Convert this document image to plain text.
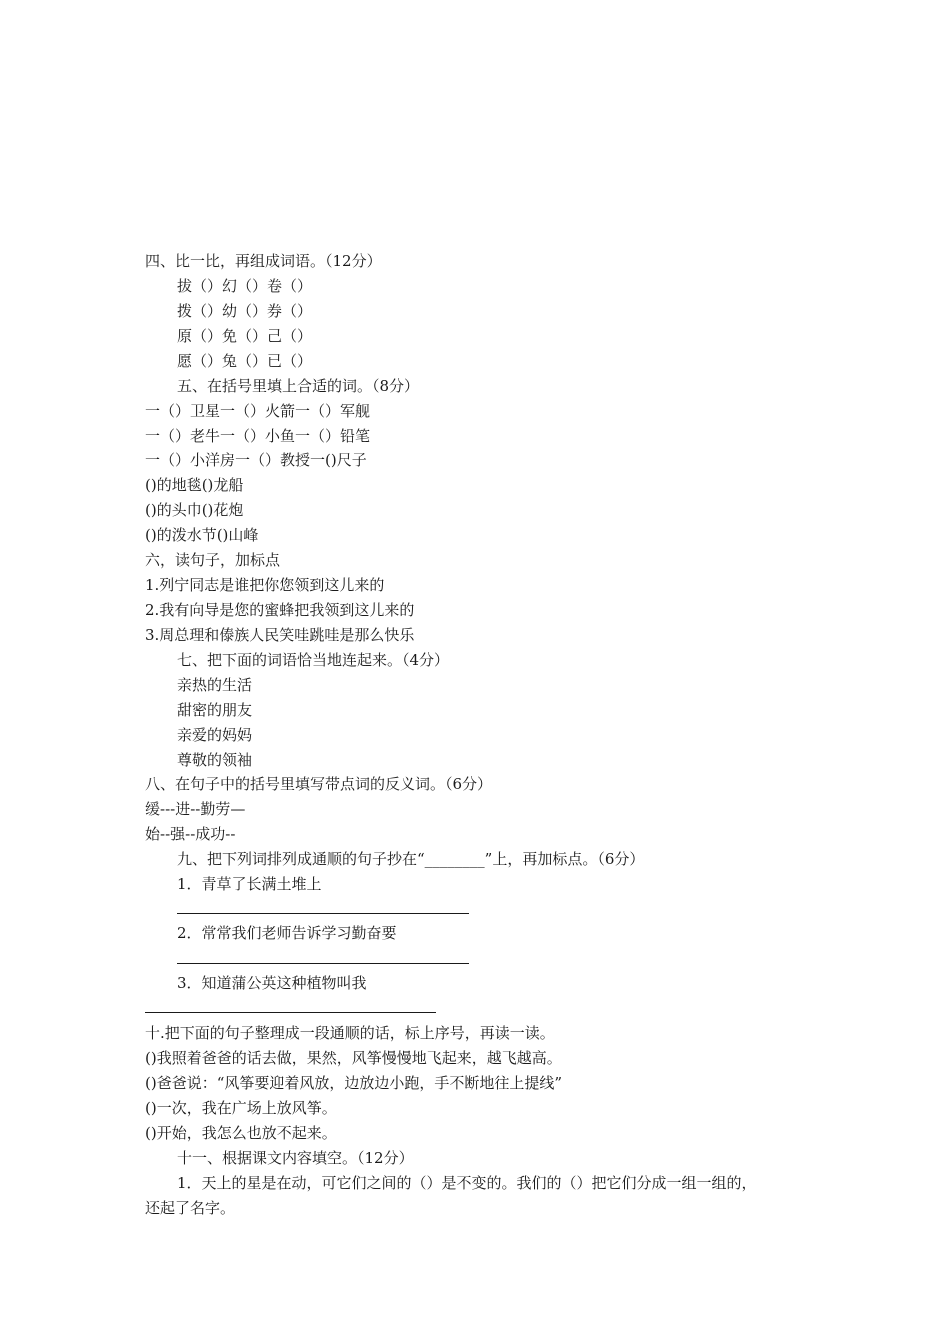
四、比一比，再组成词语。（12分）
拔（）幻（）卷（）
拨（）幼（）券（）
原（）免（）己（）
愿（）兔（）已（）
五、在括号里填上合适的词。（8分）
一（）卫星一（）火箭一（）军舰
一（）老牛一（）小鱼一（）铅笔
一（）小洋房一（）教授一()尺子
()的地毯()龙船
()的头巾()花炮
()的泼水节()山峰
六，读句子，加标点
1.列宁同志是谁把你您领到这儿来的
2.我有向导是您的蜜蜂把我领到这儿来的
3.周总理和傣族人民笑哇跳哇是那么快乐
七、把下面的词语恰当地连起来。（4分）
亲热的生活
甜密的朋友
亲爱的妈妈
尊敬的领袖
八、在句子中的括号里填写带点词的反义词。（6分）
缓---进--勤劳—
始--强--成功--
九、把下列词排列成通顺的句子抄在“________”上，再加标点。（6分）
1．青草了长满土堆上
2．常常我们老师告诉学习勤奋要
3．知道蒲公英这种植物叫我
十.把下面的句子整理成一段通顺的话，标上序号，再读一读。
()我照着爸爸的话去做，果然，风筝慢慢地飞起来，越飞越高。
()爸爸说：“风筝要迎着风放，边放边小跑，手不断地往上提线”
()一次，我在广场上放风筝。
()开始，我怎么也放不起来。
十一、根据课文内容填空。（12分）
1．天上的星是在动，可它们之间的（）是不变的。我们的（）把它们分成一组一组的，
还起了名字。
